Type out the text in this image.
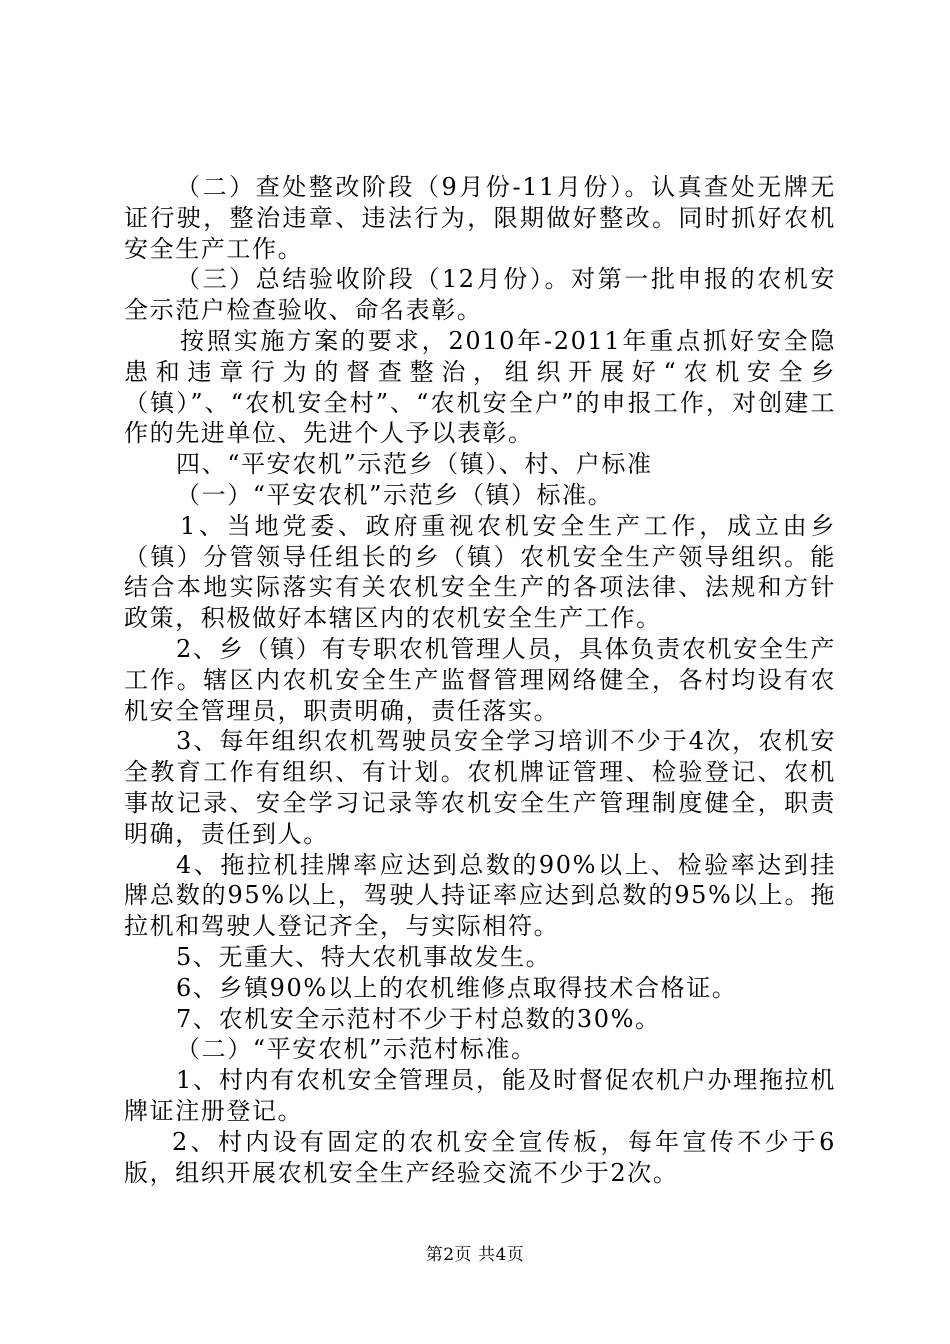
（二）查处整改阶段（9月份-11月份）。认真查处无牌无证行驶，整治违章、违法行为，限期做好整改。同时抓好农机安全生产工作。

（三）总结验收阶段（12月份）。对第一批申报的农机安全示范户检查验收、命名表彰。

按照实施方案的要求，2010年-2011年重点抓好安全隐患和违章行为的督查整治，组织开展好“农机安全乡（镇）”、“农机安全村”、“农机安全户”的申报工作，对创建工作的先进单位、先进个人予以表彰。

四、“平安农机”示范乡（镇）、村、户标准

（一）“平安农机”示范乡（镇）标准。

1、当地党委、政府重视农机安全生产工作，成立由乡（镇）分管领导任组长的乡（镇）农机安全生产领导组织。能结合本地实际落实有关农机安全生产的各项法律、法规和方针政策，积极做好本辖区内的农机安全生产工作。

2、乡（镇）有专职农机管理人员，具体负责农机安全生产工作。辖区内农机安全生产监督管理网络健全，各村均设有农机安全管理员，职责明确，责任落实。

3、每年组织农机驾驶员安全学习培训不少于4次，农机安全教育工作有组织、有计划。农机牌证管理、检验登记、农机事故记录、安全学习记录等农机安全生产管理制度健全，职责明确，责任到人。

4、拖拉机挂牌率应达到总数的90%以上、检验率达到挂牌总数的95%以上，驾驶人持证率应达到总数的95%以上。拖拉机和驾驶人登记齐全，与实际相符。

5、无重大、特大农机事故发生。

6、乡镇90%以上的农机维修点取得技术合格证。

7、农机安全示范村不少于村总数的30%。

（二）“平安农机”示范村标准。

1、村内有农机安全管理员，能及时督促农机户办理拖拉机牌证注册登记。

2、村内设有固定的农机安全宣传板，每年宣传不少于6版，组织开展农机安全生产经验交流不少于2次。

第2页 共4页
